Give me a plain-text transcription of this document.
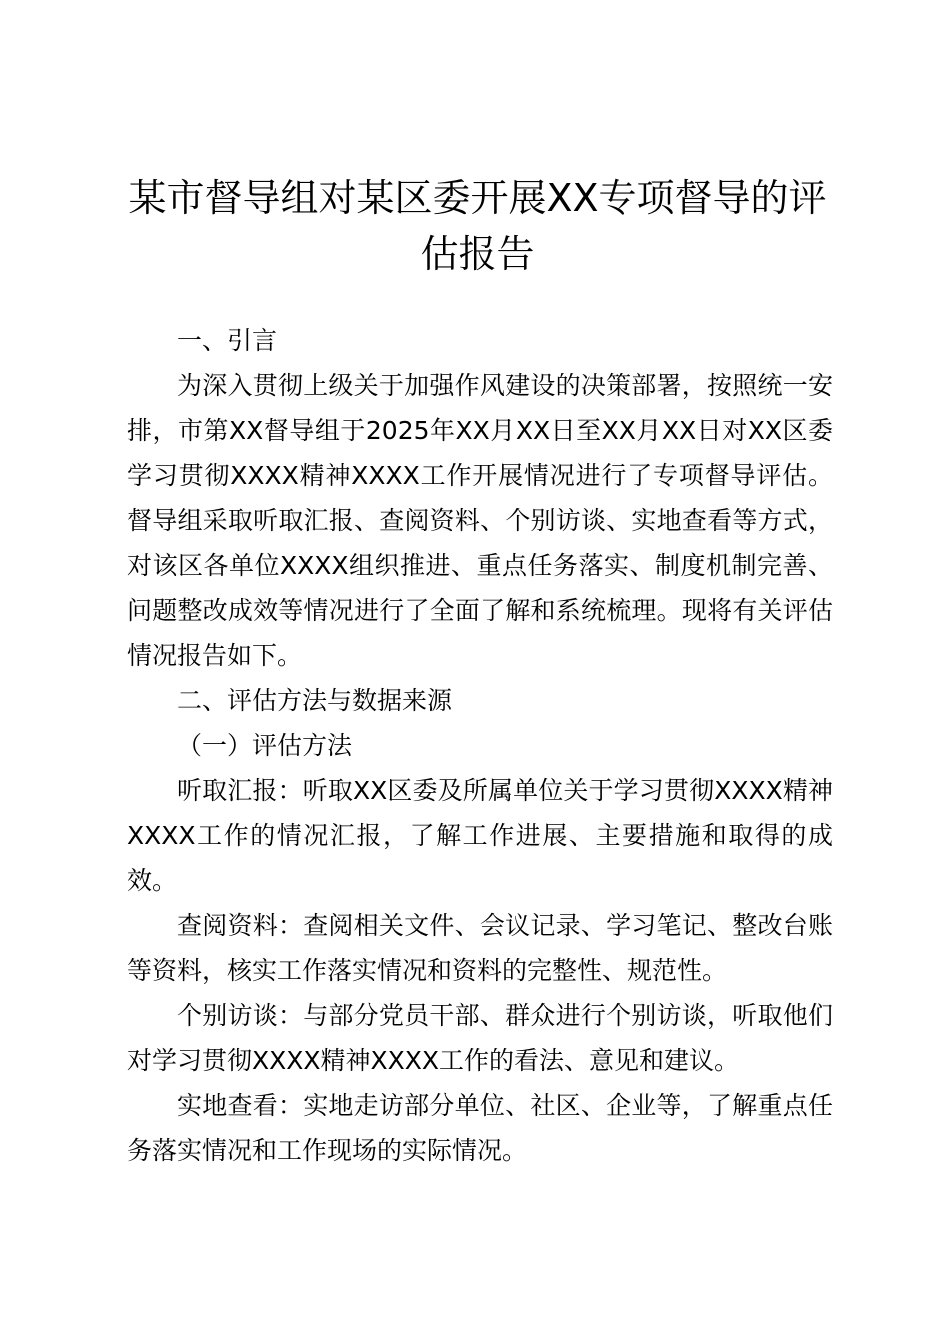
某市督导组对某区委开展XX专项督导的评估报告

一、引言

为深入贯彻上级关于加强作风建设的决策部署，按照统一安排，市第XX督导组于2025年XX月XX日至XX月XX日对XX区委学习贯彻XXXX精神XXXX工作开展情况进行了专项督导评估。督导组采取听取汇报、查阅资料、个别访谈、实地查看等方式，对该区各单位XXXX组织推进、重点任务落实、制度机制完善、问题整改成效等情况进行了全面了解和系统梳理。现将有关评估情况报告如下。

二、评估方法与数据来源

（一）评估方法

听取汇报：听取XX区委及所属单位关于学习贯彻XXXX精神XXXX工作的情况汇报，了解工作进展、主要措施和取得的成效。

查阅资料：查阅相关文件、会议记录、学习笔记、整改台账等资料，核实工作落实情况和资料的完整性、规范性。

个别访谈：与部分党员干部、群众进行个别访谈，听取他们对学习贯彻XXXX精神XXXX工作的看法、意见和建议。

实地查看：实地走访部分单位、社区、企业等，了解重点任务落实情况和工作现场的实际情况。
